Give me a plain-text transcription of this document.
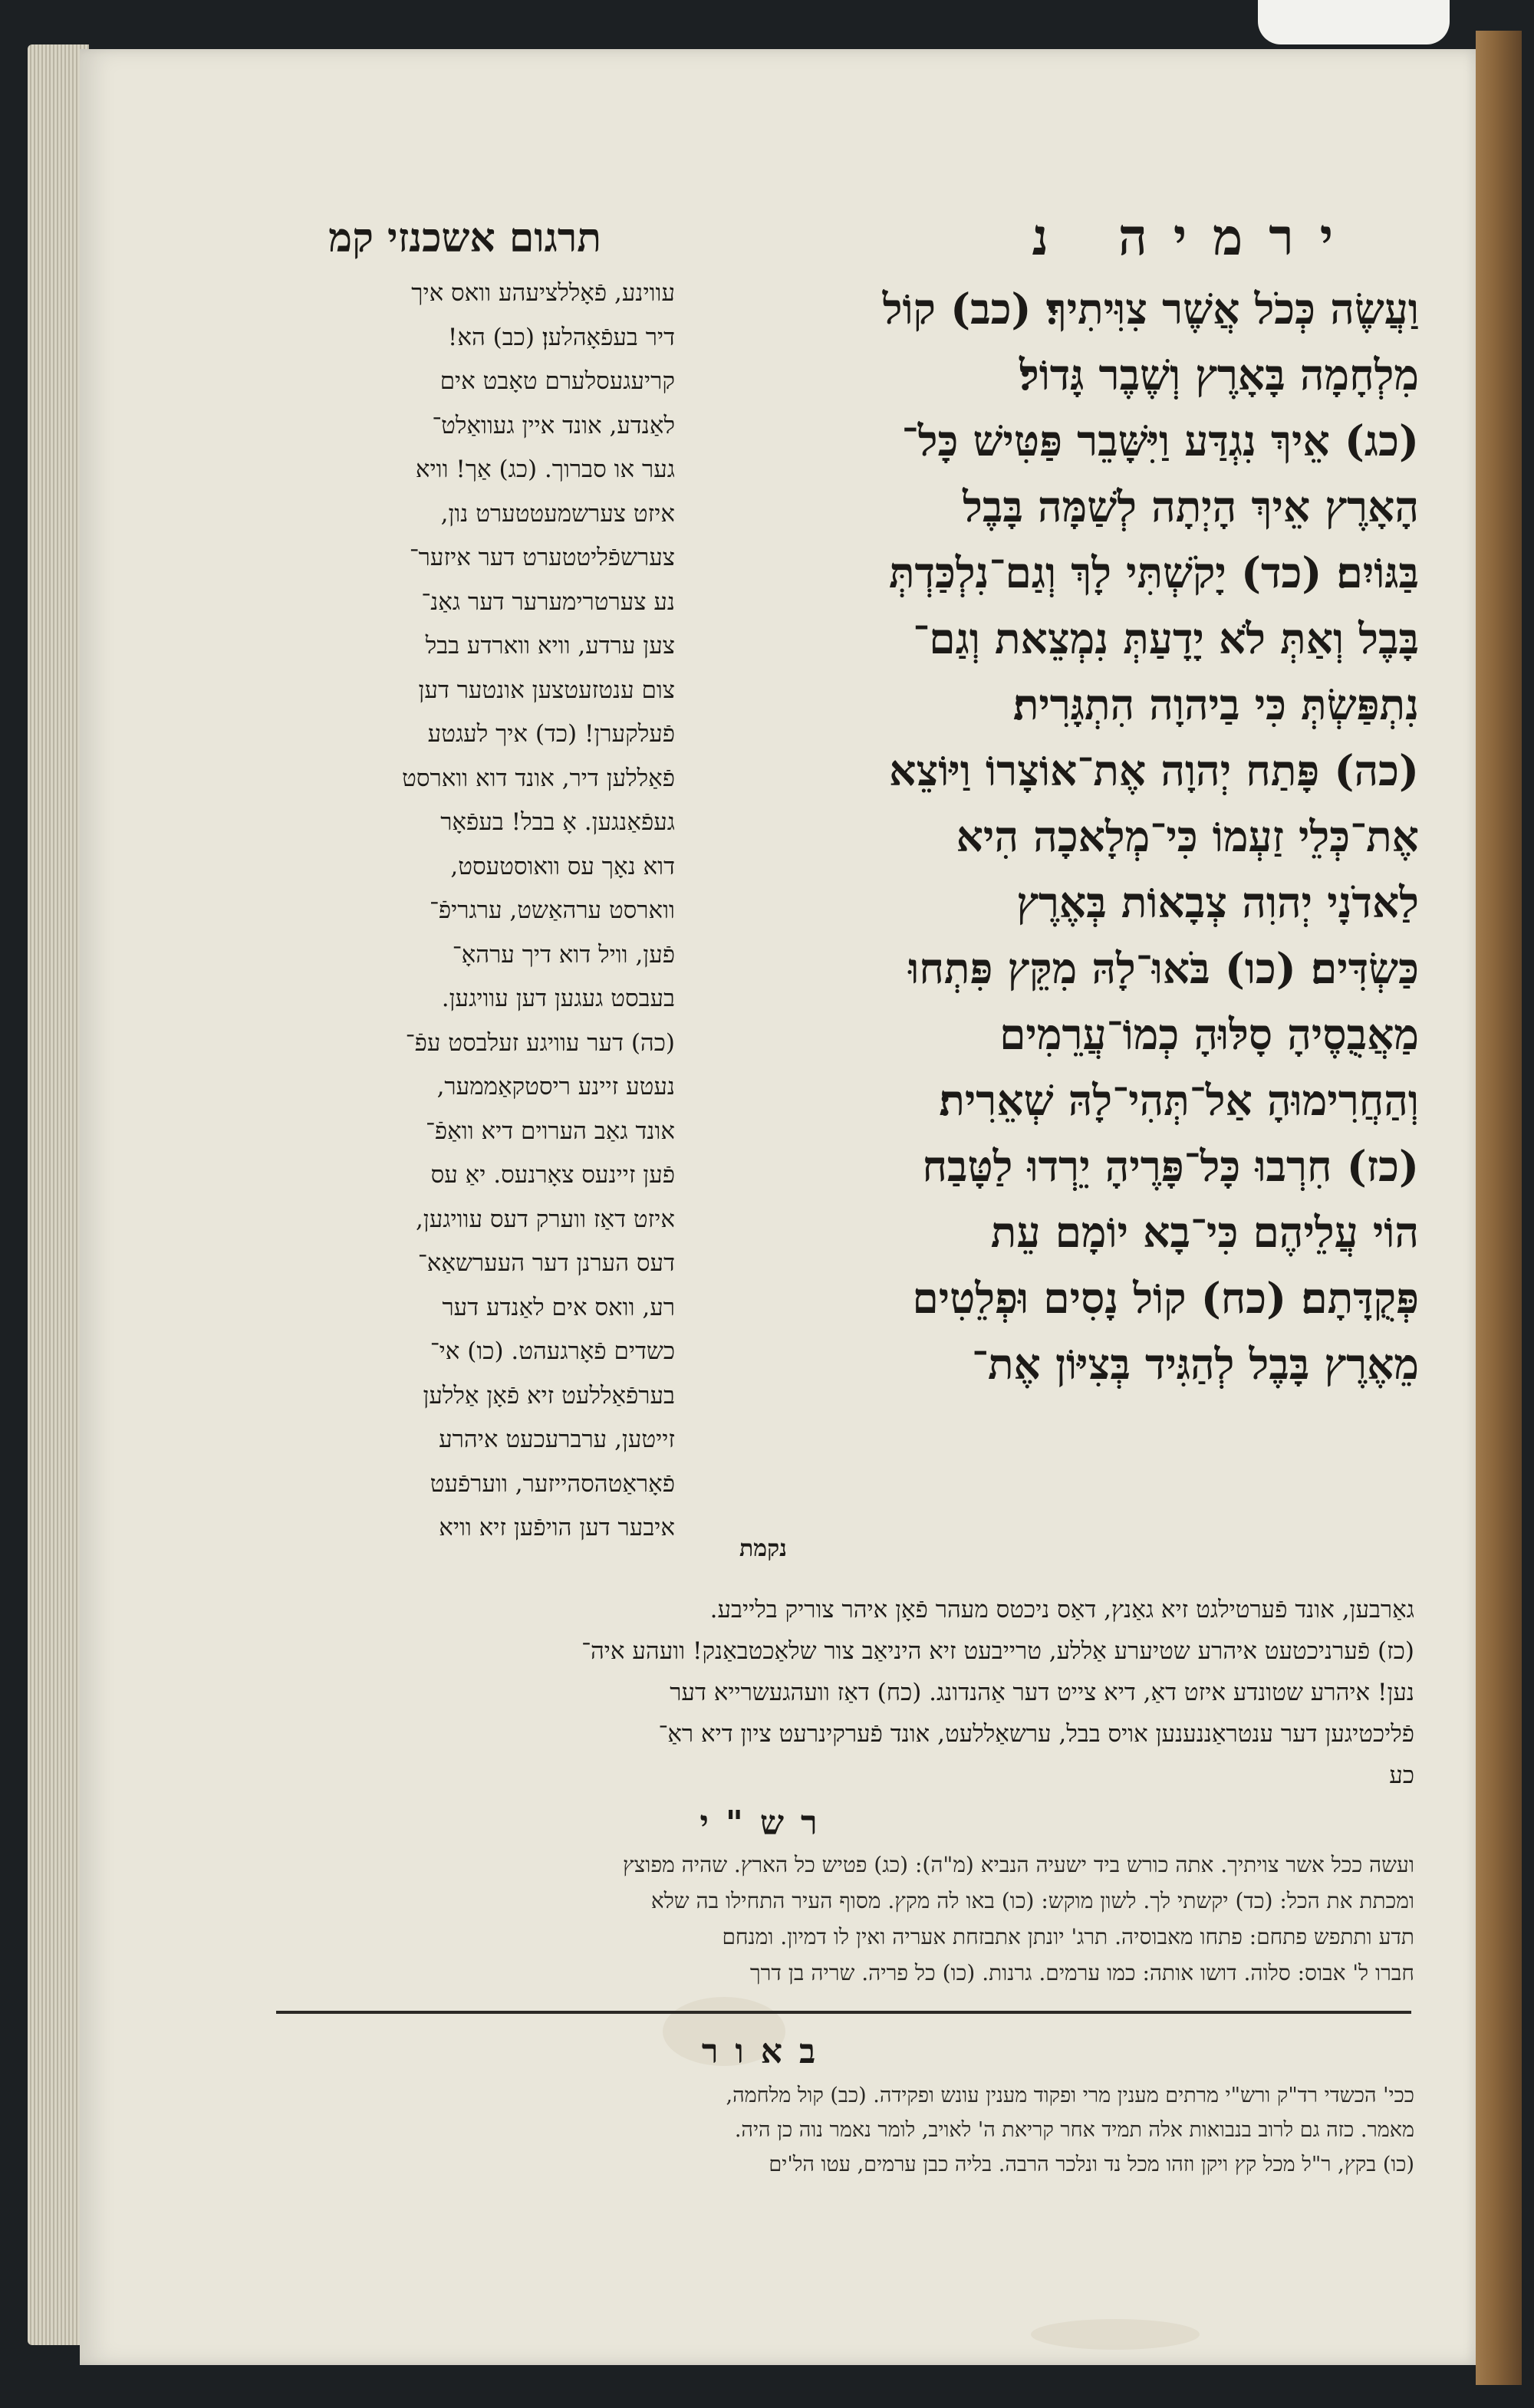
ירמיה נ
תרגום אשכנזי קמ
וַעֲשֶׂה כְּכֹל אֲשֶׁר צִוִּיתִיךָ׃ (כב) קוֹל
מִלְחָמָה בָּאָרֶץ וְשֶׁבֶר גָּדוֹל׃
(כג) אֵיךְ נִגְדַּע וַיִּשָּׁבֵר פַּטִּישׁ כָּל־
הָאָרֶץ אֵיךְ הָיְתָה לְשַׁמָּה בָּבֶל
בַּגּוֹיִם׃ (כד) יָקֹשְׁתִּי לָךְ וְגַם־נִלְכַּדְתְּ
בָּבֶל וְאַתְּ לֹא יָדָעַתְּ נִמְצֵאת וְגַם־
נִתְפַּשְׂתְּ כִּי בַיהוָה הִתְגָּרִית׃
(כה) פָּתַח יְהוָה אֶת־אוֹצָרוֹ וַיּוֹצֵא
אֶת־כְּלֵי זַעְמוֹ כִּי־מְלָאכָה הִיא
לַאדֹנָי יְהוִה צְבָאוֹת בְּאֶרֶץ
כַּשְׂדִּים׃ (כו) בֹּאוּ־לָהּ מִקֵּץ פִּתְחוּ
מַאֲבֻסֶיהָ סָלּוּהָ כְמוֹ־עֲרֵמִים
וְהַחֲרִימוּהָ אַל־תְּהִי־לָהּ שְׁאֵרִית׃
(כז) חִרְבוּ כָּל־פָּרֶיהָ יֵרְדוּ לַטָּבַח
הוֹי עֲלֵיהֶם כִּי־בָא יוֹמָם עֵת
פְּקֻדָּתָם׃ (כח) קוֹל נָסִים וּפְלֵטִים
מֵאֶרֶץ בָּבֶל לְהַגִּיד בְּצִיּוֹן אֶת־
נקמת
עווינע, פֿאָללציעהע וואס איך
דיר בעפֿאָהלען׃ (כב) הא!
קריעגעסלערם טאָבט אים
לאַנדע, אונד איין געוואַלט־
גער או סברוך. (כג) אַך! וויא
איזט צערשמעטטערט נון,
צערשפֿליטטערט דער איזער־
נע צערטרימערער דער גאַנ־
צען ערדע, וויא ווארדע בבל
צום ענטזעטצען אונטער דען
פֿעלקערן! (כד) איך לעגטע
פֿאַללען דיר, אונד דוא ווארסט
געפֿאַנגען. אָ בבל! בעפֿאָר
דוא נאָך עס וואוסטעסט,
ווארסט ערהאַשט, ערגריפֿ־
פֿען, וויל דוא דיך ערהאָ־
בעבסט געגען דען עוויגען.
(כה) דער עוויגע זעלבסט עפֿ־
נעטע זיינע ריסטקאַממער,
אונד גאַב הערוים דיא וואַפֿ־
פֿען זיינעס צאָרנעס. יאַ עס
איזט דאַז ווערק דעס עוויגען,
דעס הערנן דער העערשאַא־
רע, וואס אים לאַנדע דער
כשדים פֿאָרגעהט. (כו) אי־
בערפֿאַללעט זיא פֿאָן אַללען
זייטען, ערברעכעט איהרע
פֿאָראַטהסהייזער, ווערפֿעט
איבער דען הויפֿען זיא וויא
גאַרבען, אונד פֿערטילגט זיא גאַנץ, דאַס ניכטס מעהר פֿאָן איהר צוריק בלייבע.
(כז) פֿערניכטעט איהרע שטיערע אַללע, טרייבעט זיא היניאַב צור שלאַכטבאַנק! וועהע איה־
נען! איהרע שטונדע איזט דאַ, דיא צייט דער אַהנדונג. (כח) דאַז וועהגעשרייא דער
פֿליכטיגען דער ענטראַננענען אויס בבל, ערשאַללעט, אונד פֿערקינרעט ציון דיא ראַ־
כע
רש"י
ועשה ככל אשר צויתיך. אתה כורש ביד ישעיה הנביא (מ"ה): (כג) פטיש כל הארץ. שהיה מפוצץ
ומכתת את הכל: (כד) יקשתי לך. לשון מוקש: (כו) באו לה מקץ. מסוף העיר התחילו בה שלא
תדע ותתפש פתחם: פתחו מאבוסיה. תרג' יונתן אתבזחת אעריה ואין לו דמיון. ומנחם
חברו ל' אבוס: סלוה. דושו אותה: כמו ערמים. גרנות. (כו) כל פריה. שריה בן דרך
באור
ככי' הכשדי רד"ק ורש"י מרתים מענין מרי ופקוד מענין עונש ופקידה. (כב) קול מלחמה,
מאמר. כזה גם לרוב בנבואות אלה תמיד אחר קריאת ה' לאויב, לומר נאמר נוה כן היה.
(כו) בקץ, ר"ל מכל קץ ויקן וזהו מכל נד ונלכר הרבה. בליה כבן ערמים, עטו הל'ים
